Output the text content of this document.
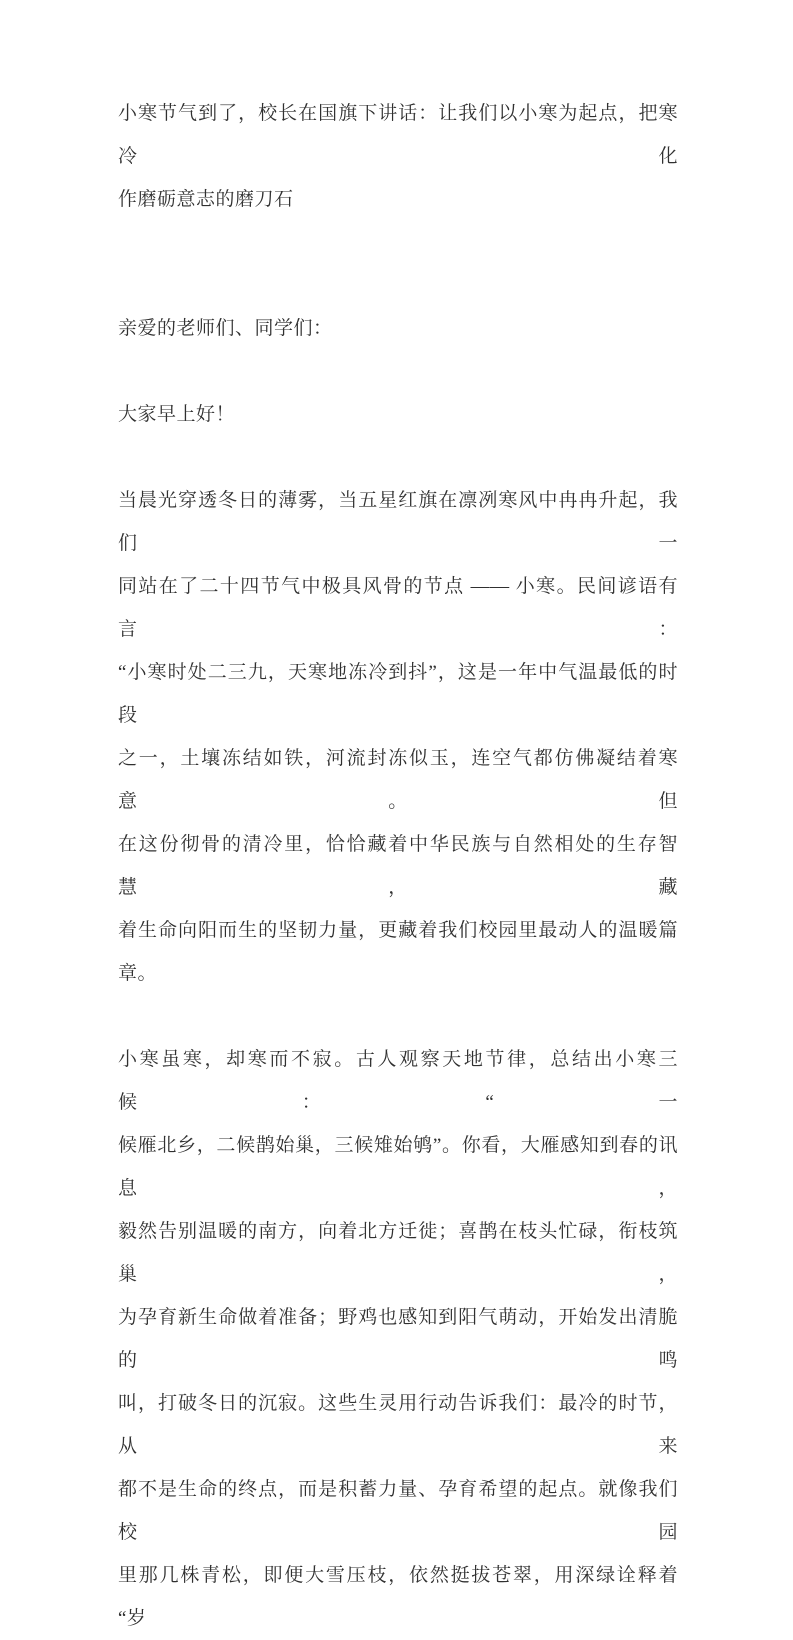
小寒节气到了，校长在国旗下讲话：让我们以小寒为起点，把寒冷化
作磨砺意志的磨刀石
亲爱的老师们、同学们：
大家早上好！
当晨光穿透冬日的薄雾，当五星红旗在凛冽寒风中冉冉升起，我们一
同站在了二十四节气中极具风骨的节点 —— 小寒。民间谚语有言：
“小寒时处二三九，天寒地冻冷到抖”，这是一年中气温最低的时段
之一，土壤冻结如铁，河流封冻似玉，连空气都仿佛凝结着寒意。但
在这份彻骨的清冷里，恰恰藏着中华民族与自然相处的生存智慧，藏
着生命向阳而生的坚韧力量，更藏着我们校园里最动人的温暖篇章。
小寒虽寒，却寒而不寂。古人观察天地节律，总结出小寒三候：“一
候雁北乡，二候鹊始巢，三候雉始鸲”。你看，大雁感知到春的讯息，
毅然告别温暖的南方，向着北方迁徙；喜鹊在枝头忙碌，衔枝筑巢，
为孕育新生命做着准备；野鸡也感知到阳气萌动，开始发出清脆的鸣
叫，打破冬日的沉寂。这些生灵用行动告诉我们：最冷的时节，从来
都不是生命的终点，而是积蓄力量、孕育希望的起点。就像我们校园
里那几株青松，即便大雪压枝，依然挺拔苍翠，用深绿诠释着 “岁
